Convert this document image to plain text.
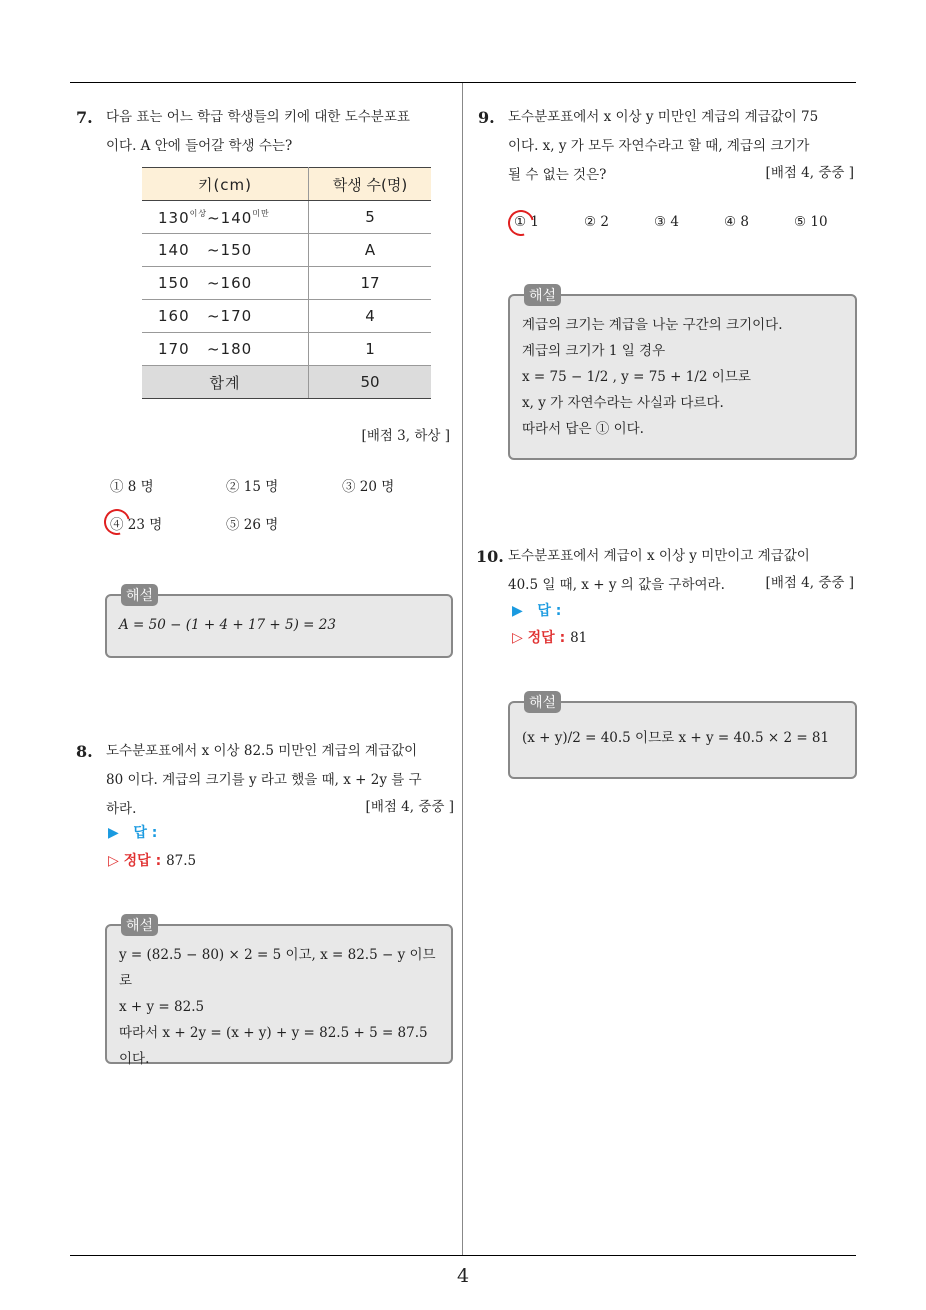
4
7. 다음 표는 어느 학급 학생들의 키에 대한 도수분포표
이다. A 안에 들어갈 학생 수는?
키(cm)	학생 수(명)
$130^{이상}\sim 140^{미만}$	5
140 ~150	A
150 ~160	17
160 ~170	4
170 ~180	1
합계	50
[배점 3, 하상 ]
① 8 명	② 15 명	③ 20 명
④ 23 명	⑤ 26 명
해설
A = 50 − (1 + 4 + 17 + 5) = 23
8. 도수분포표에서 x 이상 82.5 미만인 계급의 계급값이
80 이다. 계급의 크기를 y 라고 했을 때, x + 2y 를 구
하라.	[배점 4, 중중 ]
▶ 답 :
▷ 정답 : 87.5
해설
y = (82.5 − 80) × 2 = 5 이고, x = 82.5 − y 이므로
x + y = 82.5
따라서 x + 2y = (x + y) + y = 82.5 + 5 = 87.5
이다.
9. 도수분포표에서 x 이상 y 미만인 계급의 계급값이 75
이다. x, y 가 모두 자연수라고 할 때, 계급의 크기가
될 수 없는 것은?	[배점 4, 중중 ]
① 1	② 2	③ 4	④ 8	⑤ 10
해설
계급의 크기는 계급을 나눈 구간의 크기이다.
계급의 크기가 1 일 경우
x = 75 − 1/2 , y = 75 + 1/2 이므로
x, y 가 자연수라는 사실과 다르다.
따라서 답은 ① 이다.
10. 도수분포표에서 계급이 x 이상 y 미만이고 계급값이
40.5 일 때, x + y 의 값을 구하여라.	[배점 4, 중중 ]
▶ 답 :
▷ 정답 : 81
해설
(x + y)/2 = 40.5 이므로 x + y = 40.5 × 2 = 81
